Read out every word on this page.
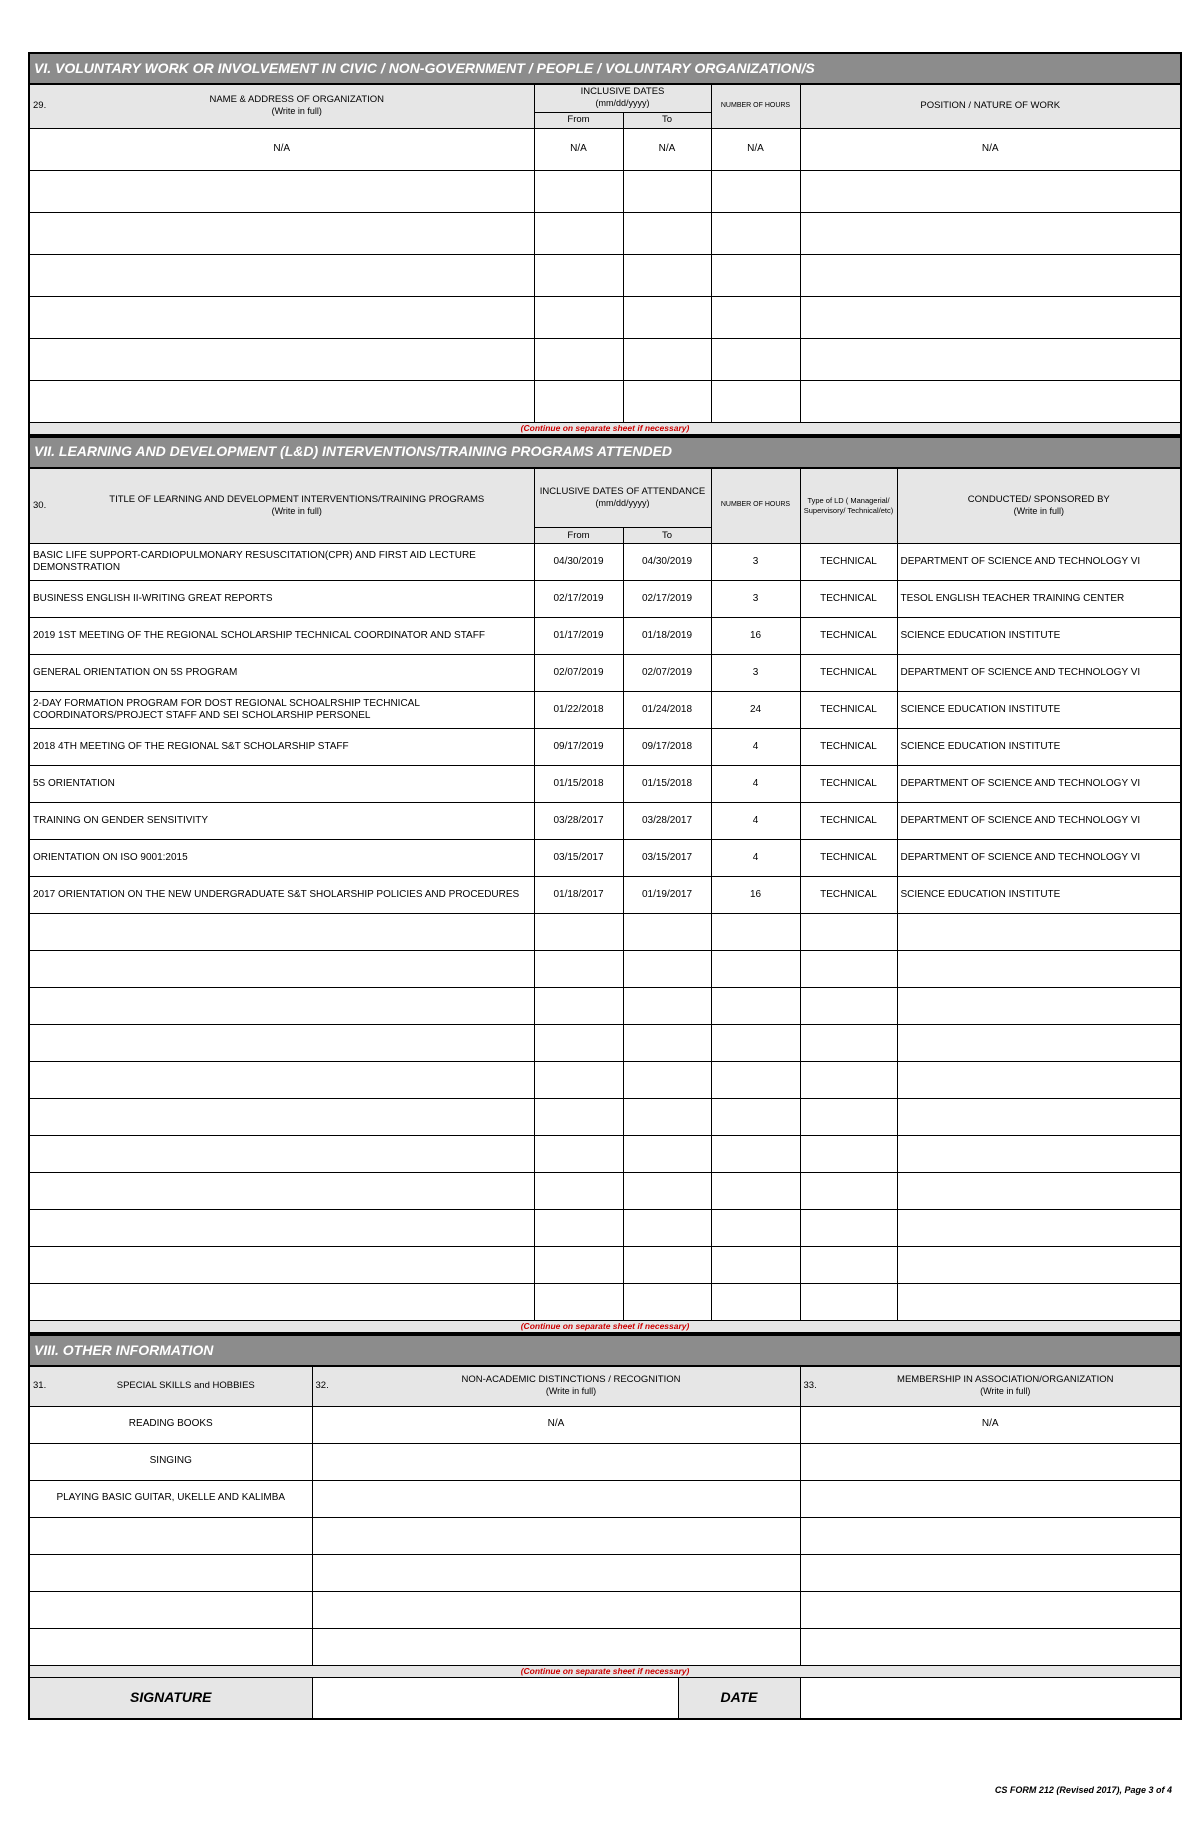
VI. VOLUNTARY WORK OR INVOLVEMENT IN CIVIC / NON-GOVERNMENT / PEOPLE / VOLUNTARY ORGANIZATION/S				

29.
NAME & ADDRESS OF ORGANIZATION
(Write in full)	INCLUSIVE DATES
(mm/dd/yyyy)		NUMBER OF HOURS	POSITION / NATURE OF WORK
	From	To		
N/A	N/A	N/A	N/A	N/A

(Continue on separate sheet if necessary)				
VII. LEARNING AND DEVELOPMENT (L&D) INTERVENTIONS/TRAINING PROGRAMS ATTENDED					

30.
TITLE OF LEARNING AND DEVELOPMENT INTERVENTIONS/TRAINING PROGRAMS
(Write in full)	INCLUSIVE DATES OF ATTENDANCE
(mm/dd/yyyy)		NUMBER OF HOURS	Type of LD ( Managerial/ Supervisory/ Technical/etc)	CONDUCTED/ SPONSORED BY
(Write in full)
	From	To			
BASIC LIFE SUPPORT-CARDIOPULMONARY RESUSCITATION(CPR) AND FIRST AID LECTURE DEMONSTRATION	04/30/2019	04/30/2019	3	TECHNICAL	DEPARTMENT OF SCIENCE AND TECHNOLOGY VI
BUSINESS ENGLISH II-WRITING GREAT REPORTS	02/17/2019	02/17/2019	3	TECHNICAL	TESOL ENGLISH TEACHER TRAINING CENTER
2019 1ST MEETING OF THE REGIONAL SCHOLARSHIP TECHNICAL COORDINATOR AND STAFF	01/17/2019	01/18/2019	16	TECHNICAL	SCIENCE EDUCATION INSTITUTE
GENERAL ORIENTATION ON 5S PROGRAM	02/07/2019	02/07/2019	3	TECHNICAL	DEPARTMENT OF SCIENCE AND TECHNOLOGY VI
2-DAY FORMATION PROGRAM FOR DOST REGIONAL SCHOALRSHIP TECHNICAL COORDINATORS/PROJECT STAFF AND SEI SCHOLARSHIP PERSONEL	01/22/2018	01/24/2018	24	TECHNICAL	SCIENCE EDUCATION INSTITUTE
2018 4TH MEETING OF THE REGIONAL S&T SCHOLARSHIP STAFF	09/17/2019	09/17/2018	4	TECHNICAL	SCIENCE EDUCATION INSTITUTE
5S ORIENTATION	01/15/2018	01/15/2018	4	TECHNICAL	DEPARTMENT OF SCIENCE AND TECHNOLOGY VI
TRAINING ON GENDER SENSITIVITY	03/28/2017	03/28/2017	4	TECHNICAL	DEPARTMENT OF SCIENCE AND TECHNOLOGY VI
ORIENTATION ON ISO 9001:2015	03/15/2017	03/15/2017	4	TECHNICAL	DEPARTMENT OF SCIENCE AND TECHNOLOGY VI
2017 ORIENTATION ON THE NEW UNDERGRADUATE S&T SHOLARSHIP POLICIES AND PROCEDURES	01/18/2017	01/19/2017	16	TECHNICAL	SCIENCE EDUCATION INSTITUTE

(Continue on separate sheet if necessary)					
VIII. OTHER INFORMATION			

31. SPECIAL SKILLS and HOBBIES	32.
NON-ACADEMIC DISTINCTIONS / RECOGNITION
(Write in full)		33.
MEMBERSHIP IN ASSOCIATION/ORGANIZATION
(Write in full)

READING BOOKS	N/A		N/A
SINGING			
PLAYING BASIC GUITAR, UKELLE AND KALIMBA			

(Continue on separate sheet if necessary)			
SIGNATURE		DATE	
CS FORM 212 (Revised 2017), Page 3 of 4
